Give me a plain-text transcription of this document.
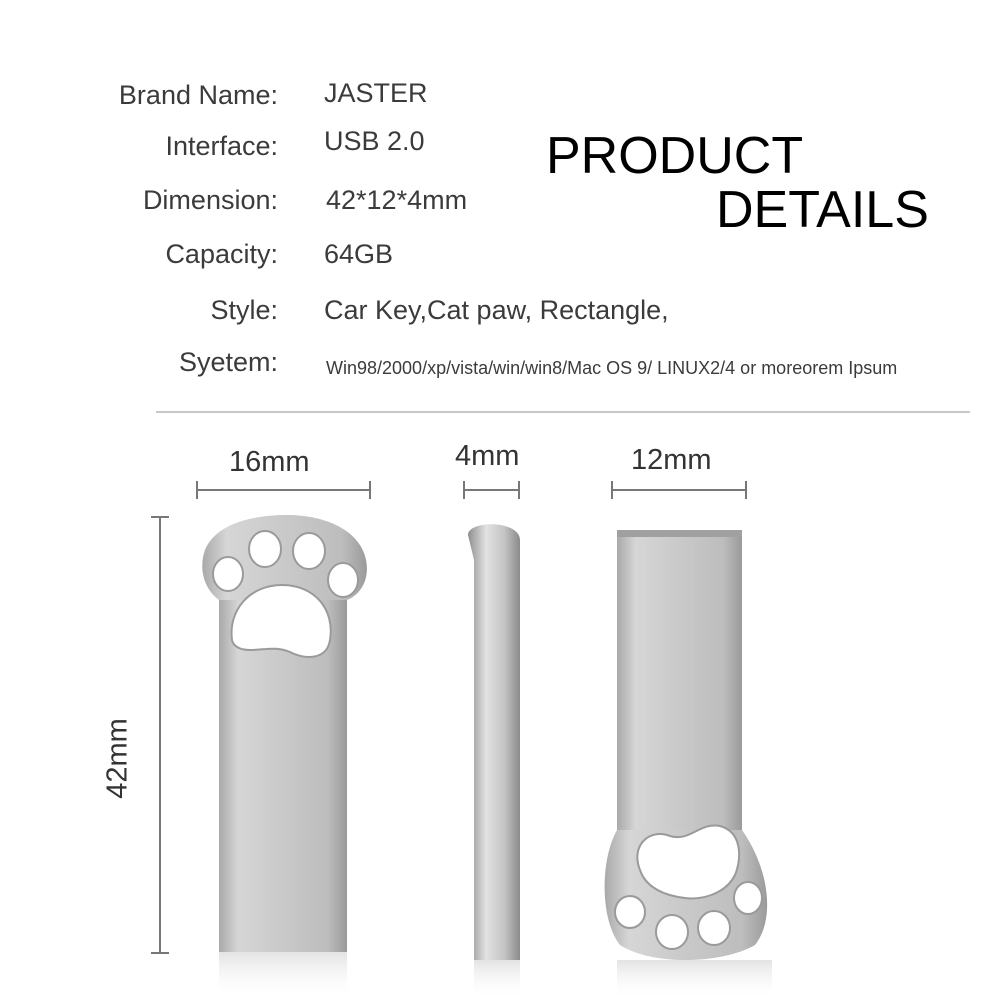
Brand Name: JASTER
Interface: USB 2.0
Dimension: 42*12*4mm
Capacity: 64GB
Style: Car Key,Cat paw, Rectangle,
Syetem:	Win98/2000/xp/vista/win/win8/Mac OS 9/ LINUX2/4 or moreorem Ipsum
PRODUCT
DETAILS
16mm	4mm	12mm
42mm
